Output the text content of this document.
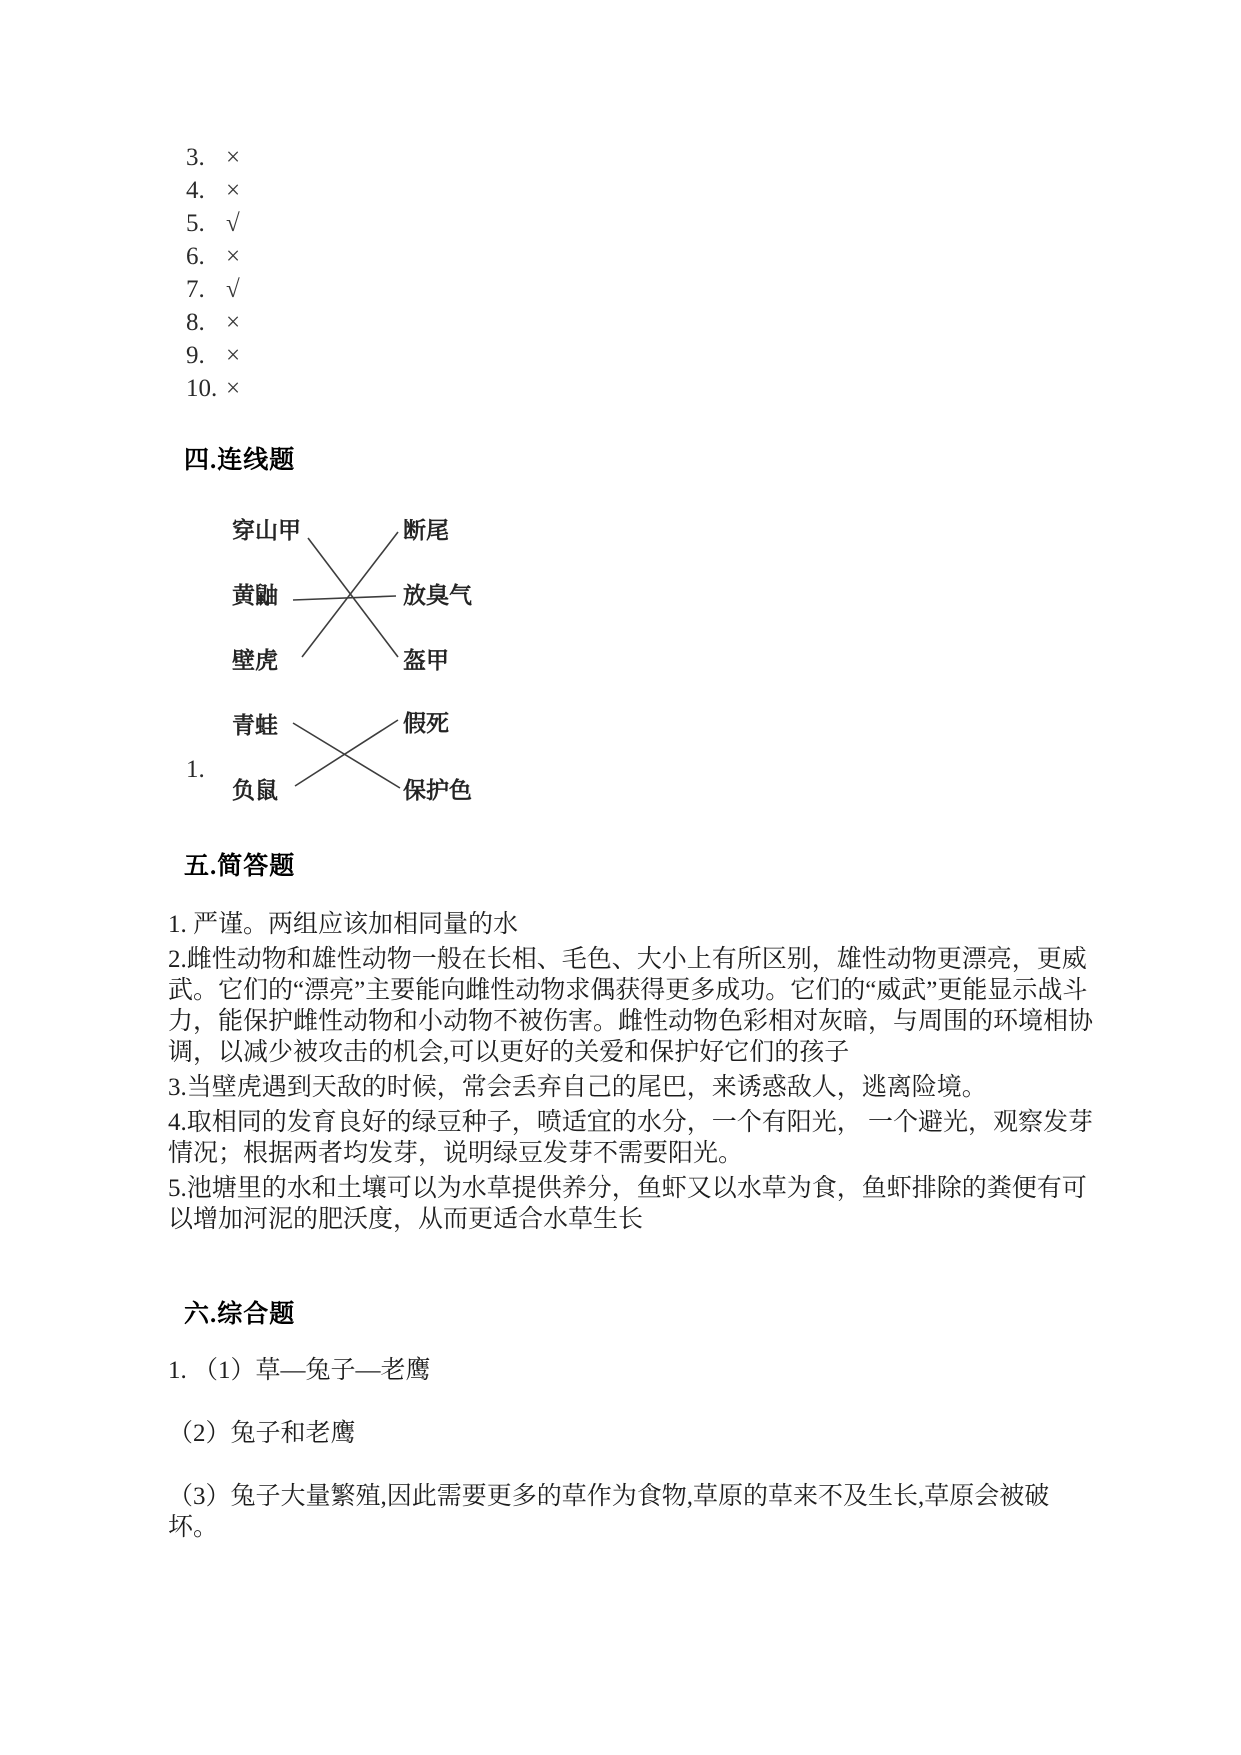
3. ×
4. ×
5. √
6. ×
7. √
8. ×
9. ×
10. ×
四.连线题
穿山甲	断尾
黄鼬	放臭气
壁虎	盔甲
青蛙	假死
负鼠	保护色
1.
五.简答题

1. 严谨。两组应该加相同量的水

2.雌性动物和雄性动物一般在长相、毛色、大小上有所区别，雄性动物更漂亮，更威武。它们的“漂亮”主要能向雌性动物求偶获得更多成功。它们的“威武”更能显示战斗力，能保护雌性动物和小动物不被伤害。雌性动物色彩相对灰暗，与周围的环境相协调，以减少被攻击的机会,可以更好的关爱和保护好它们的孩子

3.当壁虎遇到天敌的时候，常会丢弃自己的尾巴，来诱惑敌人，逃离险境。

4.取相同的发育良好的绿豆种子，喷适宜的水分，一个有阳光， 一个避光，观察发芽情况；根据两者均发芽，说明绿豆发芽不需要阳光。

5.池塘里的水和土壤可以为水草提供养分，鱼虾又以水草为食，鱼虾排除的粪便有可以增加河泥的肥沃度，从而更适合水草生长

六.综合题

1. （1）草—兔子—老鹰

（2）兔子和老鹰

（3）兔子大量繁殖,因此需要更多的草作为食物,草原的草来不及生长,草原会被破坏。
